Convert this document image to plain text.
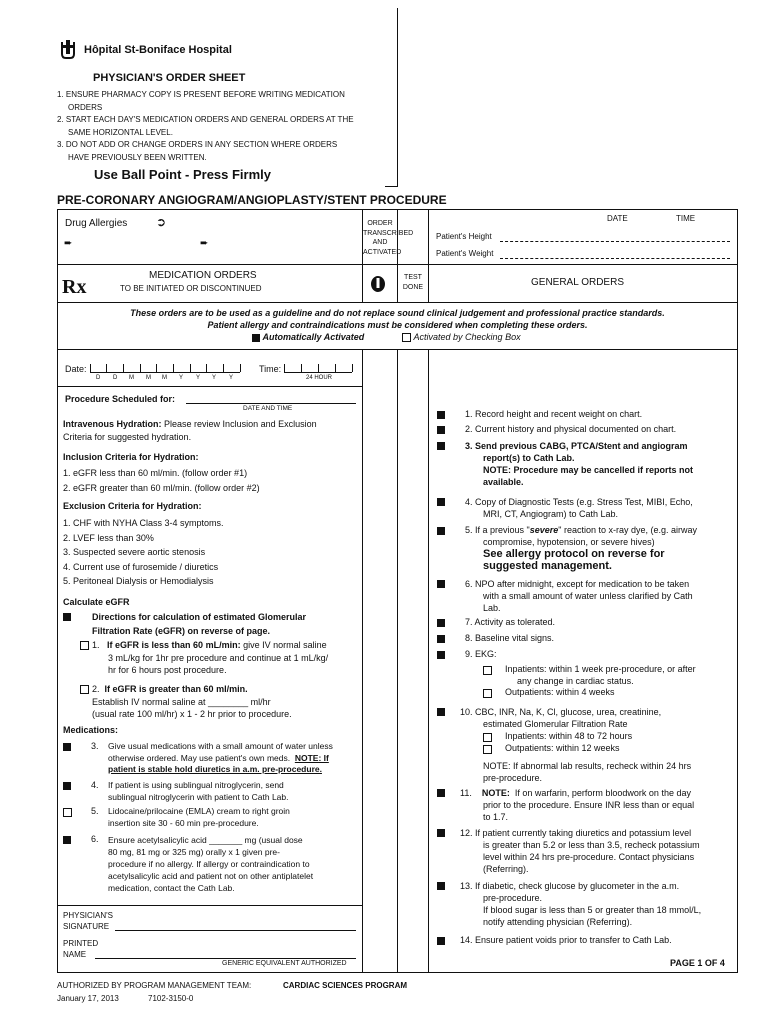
Hôpital St-Boniface Hospital
PHYSICIAN'S ORDER SHEET
1. ENSURE PHARMACY COPY IS PRESENT BEFORE WRITING MEDICATION
ORDERS
2. START EACH DAY'S MEDICATION ORDERS AND GENERAL ORDERS AT THE
SAME HORIZONTAL LEVEL.
3. DO NOT ADD OR CHANGE ORDERS IN ANY SECTION WHERE ORDERS
HAVE PREVIOUSLY BEEN WRITTEN.
Use Ball Point - Press Firmly
PRE-CORONARY ANGIOGRAM/ANGIOPLASTY/STENT PROCEDURE
Drug Allergies ➲
➨	➨
ORDER
TRANSCRIBED
AND
ACTIVATED
DATE	TIME
Patient's Height
Patient's Weight
Rx
MEDICATION ORDERS
TO BE INITIATED OR DISCONTINUED
TEST
DONE	GENERAL ORDERS
These orders are to be used as a guideline and do not replace sound clinical judgement and professional practice standards.
Patient allergy and contraindications must be considered when completing these orders.
Automatically Activated	Activated by Checking Box
Date:
D D M M M Y Y Y Y
Time:
24 HOUR
Procedure Scheduled for:
DATE AND TIME
Intravenous Hydration: Please review Inclusion and Exclusion
Criteria for suggested hydration.
Inclusion Criteria for Hydration:
1. eGFR less than 60 ml/min. (follow order #1)
2. eGFR greater than 60 ml/min. (follow order #2)
Exclusion Criteria for Hydration:
1. CHF with NYHA Class 3-4 symptoms.
2. LVEF less than 30%
3. Suspected severe aortic stenosis
4. Current use of furosemide / diuretics
5. Peritoneal Dialysis or Hemodialysis
Calculate eGFR
Directions for calculation of estimated Glomerular
Filtration Rate (eGFR) on reverse of page.
1. If eGFR is less than 60 mL/min: give IV normal saline
3 mL/kg for 1hr pre procedure and continue at 1 mL/kg/
hr for 6 hours post procedure.
2. If eGFR is greater than 60 ml/min.
Establish IV normal saline at ________ ml/hr
(usual rate 100 ml/hr) x 1 - 2 hr prior to procedure.
Medications:
3. Give usual medications with a small amount of water unless
otherwise ordered. May use patient's own meds. NOTE: If
patient is stable hold diuretics in a.m. pre-procedure.
4. If patient is using sublingual nitroglycerin, send
sublingual nitroglycerin with patient to Cath Lab.
5. Lidocaine/prilocaine (EMLA) cream to right groin
insertion site 30 - 60 min pre-procedure.
6. Ensure acetylsalicylic acid _______ mg (usual dose
80 mg, 81 mg or 325 mg) orally x 1 given pre-
procedure if no allergy. If allergy or contraindication to
acetylsalicylic acid and patient not on other antiplatelet
medication, contact the Cath Lab.
PHYSICIAN'S
SIGNATURE
PRINTED
NAME
GENERIC EQUIVALENT AUTHORIZED
1. Record height and recent weight on chart.
2. Current history and physical documented on chart.
3. Send previous CABG, PTCA/Stent and angiogram
report(s) to Cath Lab.
NOTE: Procedure may be cancelled if reports not
available.
4. Copy of Diagnostic Tests (e.g. Stress Test, MIBI, Echo,
MRI, CT, Angiogram) to Cath Lab.
5. If a previous "severe" reaction to x-ray dye, (e.g. airway
compromise, hypotension, or severe hives)
See allergy protocol on reverse for
suggested management.
6. NPO after midnight, except for medication to be taken
with a small amount of water unless clarified by Cath
Lab.
7. Activity as tolerated.
8. Baseline vital signs.
9. EKG:
Inpatients: within 1 week pre-procedure, or after
any change in cardiac status.
Outpatients: within 4 weeks
10. CBC, INR, Na, K, Cl, glucose, urea, creatinine,
estimated Glomerular Filtration Rate
Inpatients: within 48 to 72 hours
Outpatients: within 12 weeks
NOTE: If abnormal lab results, recheck within 24 hrs
pre-procedure.
11. NOTE: If on warfarin, perform bloodwork on the day
prior to the procedure. Ensure INR less than or equal
to 1.7.
12. If patient currently taking diuretics and potassium level
is greater than 5.2 or less than 3.5, recheck potassium
level within 24 hrs pre-procedure. Contact physicians
(Referring).
13. If diabetic, check glucose by glucometer in the a.m.
pre-procedure.
If blood sugar is less than 5 or greater than 18 mmol/L,
notify attending physician (Referring).
14. Ensure patient voids prior to transfer to Cath Lab.
PAGE 1 OF 4
AUTHORIZED BY PROGRAM MANAGEMENT TEAM:	CARDIAC SCIENCES PROGRAM
January 17, 2013	7102-3150-0
